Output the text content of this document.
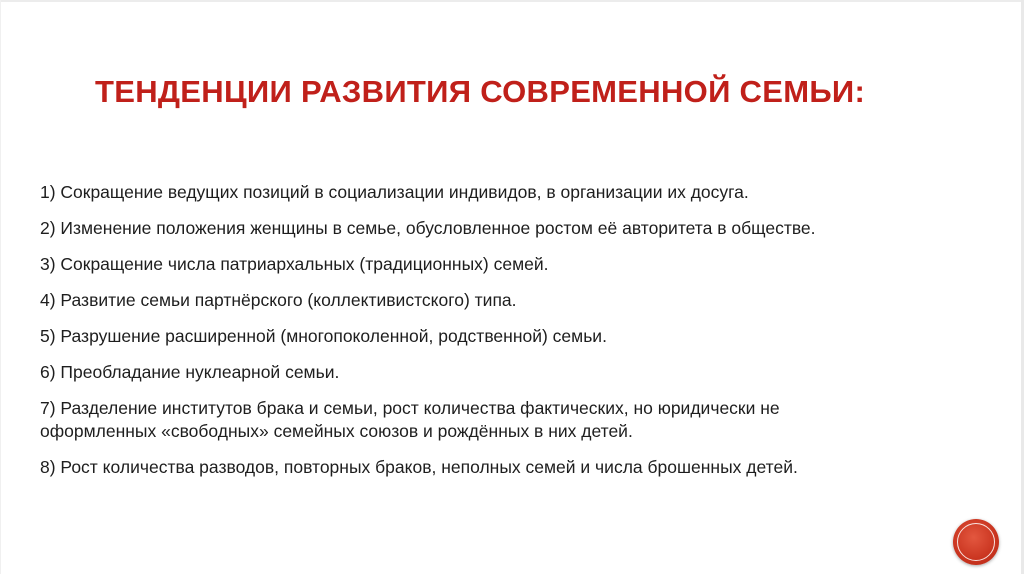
ТЕНДЕНЦИИ РАЗВИТИЯ СОВРЕМЕННОЙ СЕМЬИ:
1) Сокращение ведущих позиций в социализации индивидов, в организации их досуга.
2) Изменение положения женщины в семье, обусловленное ростом её авторитета в обществе.
3) Сокращение числа патриархальных (традиционных) семей.
4) Развитие семьи партнёрского (коллективистского) типа.
5) Разрушение расширенной (многопоколенной, родственной) семьи.
6) Преобладание нуклеарной семьи.
7) Разделение институтов брака и семьи, рост количества фактических, но юридически не
оформленных «свободных» семейных союзов и рождённых в них детей.
8) Рост количества разводов, повторных браков, неполных семей и числа брошенных детей.
